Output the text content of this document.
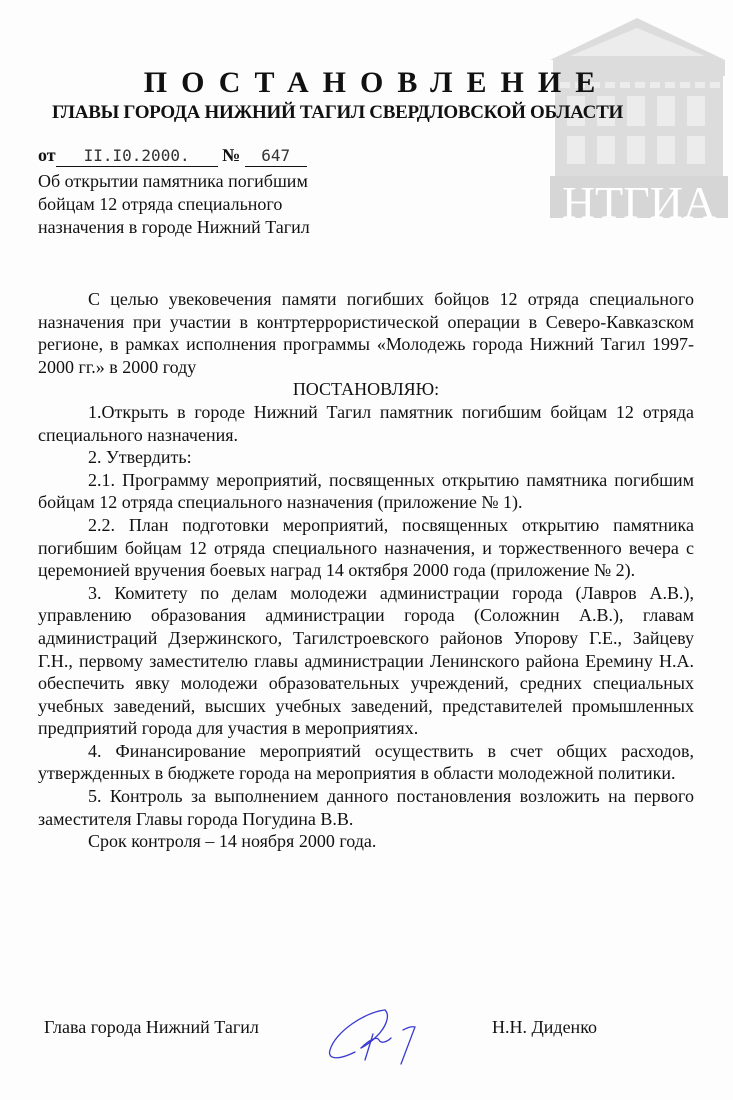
НТГИА
ПОСТАНОВЛЕНИЕ
ГЛАВЫ ГОРОДА НИЖНИЙ ТАГИЛ СВЕРДЛОВСКОЙ ОБЛАСТИ
от II.I0.2000. № 647
Об открытии памятника погибшим бойцам 12 отряда специального назначения в городе Нижний Тагил

С целью увековечения памяти погибших бойцов 12 отряда специального назначения при участии в контртеррористической операции в Северо-Кавказском регионе, в рамках исполнения программы «Молодежь города Нижний Тагил 1997-2000 гг.» в 2000 году

ПОСТАНОВЛЯЮ:

1.Открыть в городе Нижний Тагил памятник погибшим бойцам 12 отряда специального назначения.

2. Утвердить:

2.1. Программу мероприятий, посвященных открытию памятника погибшим бойцам 12 отряда специального назначения (приложение № 1).

2.2. План подготовки мероприятий, посвященных открытию памятника погибшим бойцам 12 отряда специального назначения, и торжественного вечера с церемонией вручения боевых наград 14 октября 2000 года (приложение № 2).

3. Комитету по делам молодежи администрации города (Лавров А.В.), управлению образования администрации города (Соложнин А.В.), главам администраций Дзержинского, Тагилстроевского районов Упорову Г.Е., Зайцеву Г.Н., первому заместителю главы администрации Ленинского района Еремину Н.А. обеспечить явку молодежи образовательных учреждений, средних специальных учебных заведений, высших учебных заведений, представителей промышленных предприятий города для участия в мероприятиях.

4. Финансирование мероприятий осуществить в счет общих расходов, утвержденных в бюджете города на мероприятия в области молодежной политики.

5. Контроль за выполнением данного постановления возложить на первого заместителя Главы города Погудина В.В.

Срок контроля – 14 ноября 2000 года.

Глава города Нижний Тагил	Н.Н. Диденко
